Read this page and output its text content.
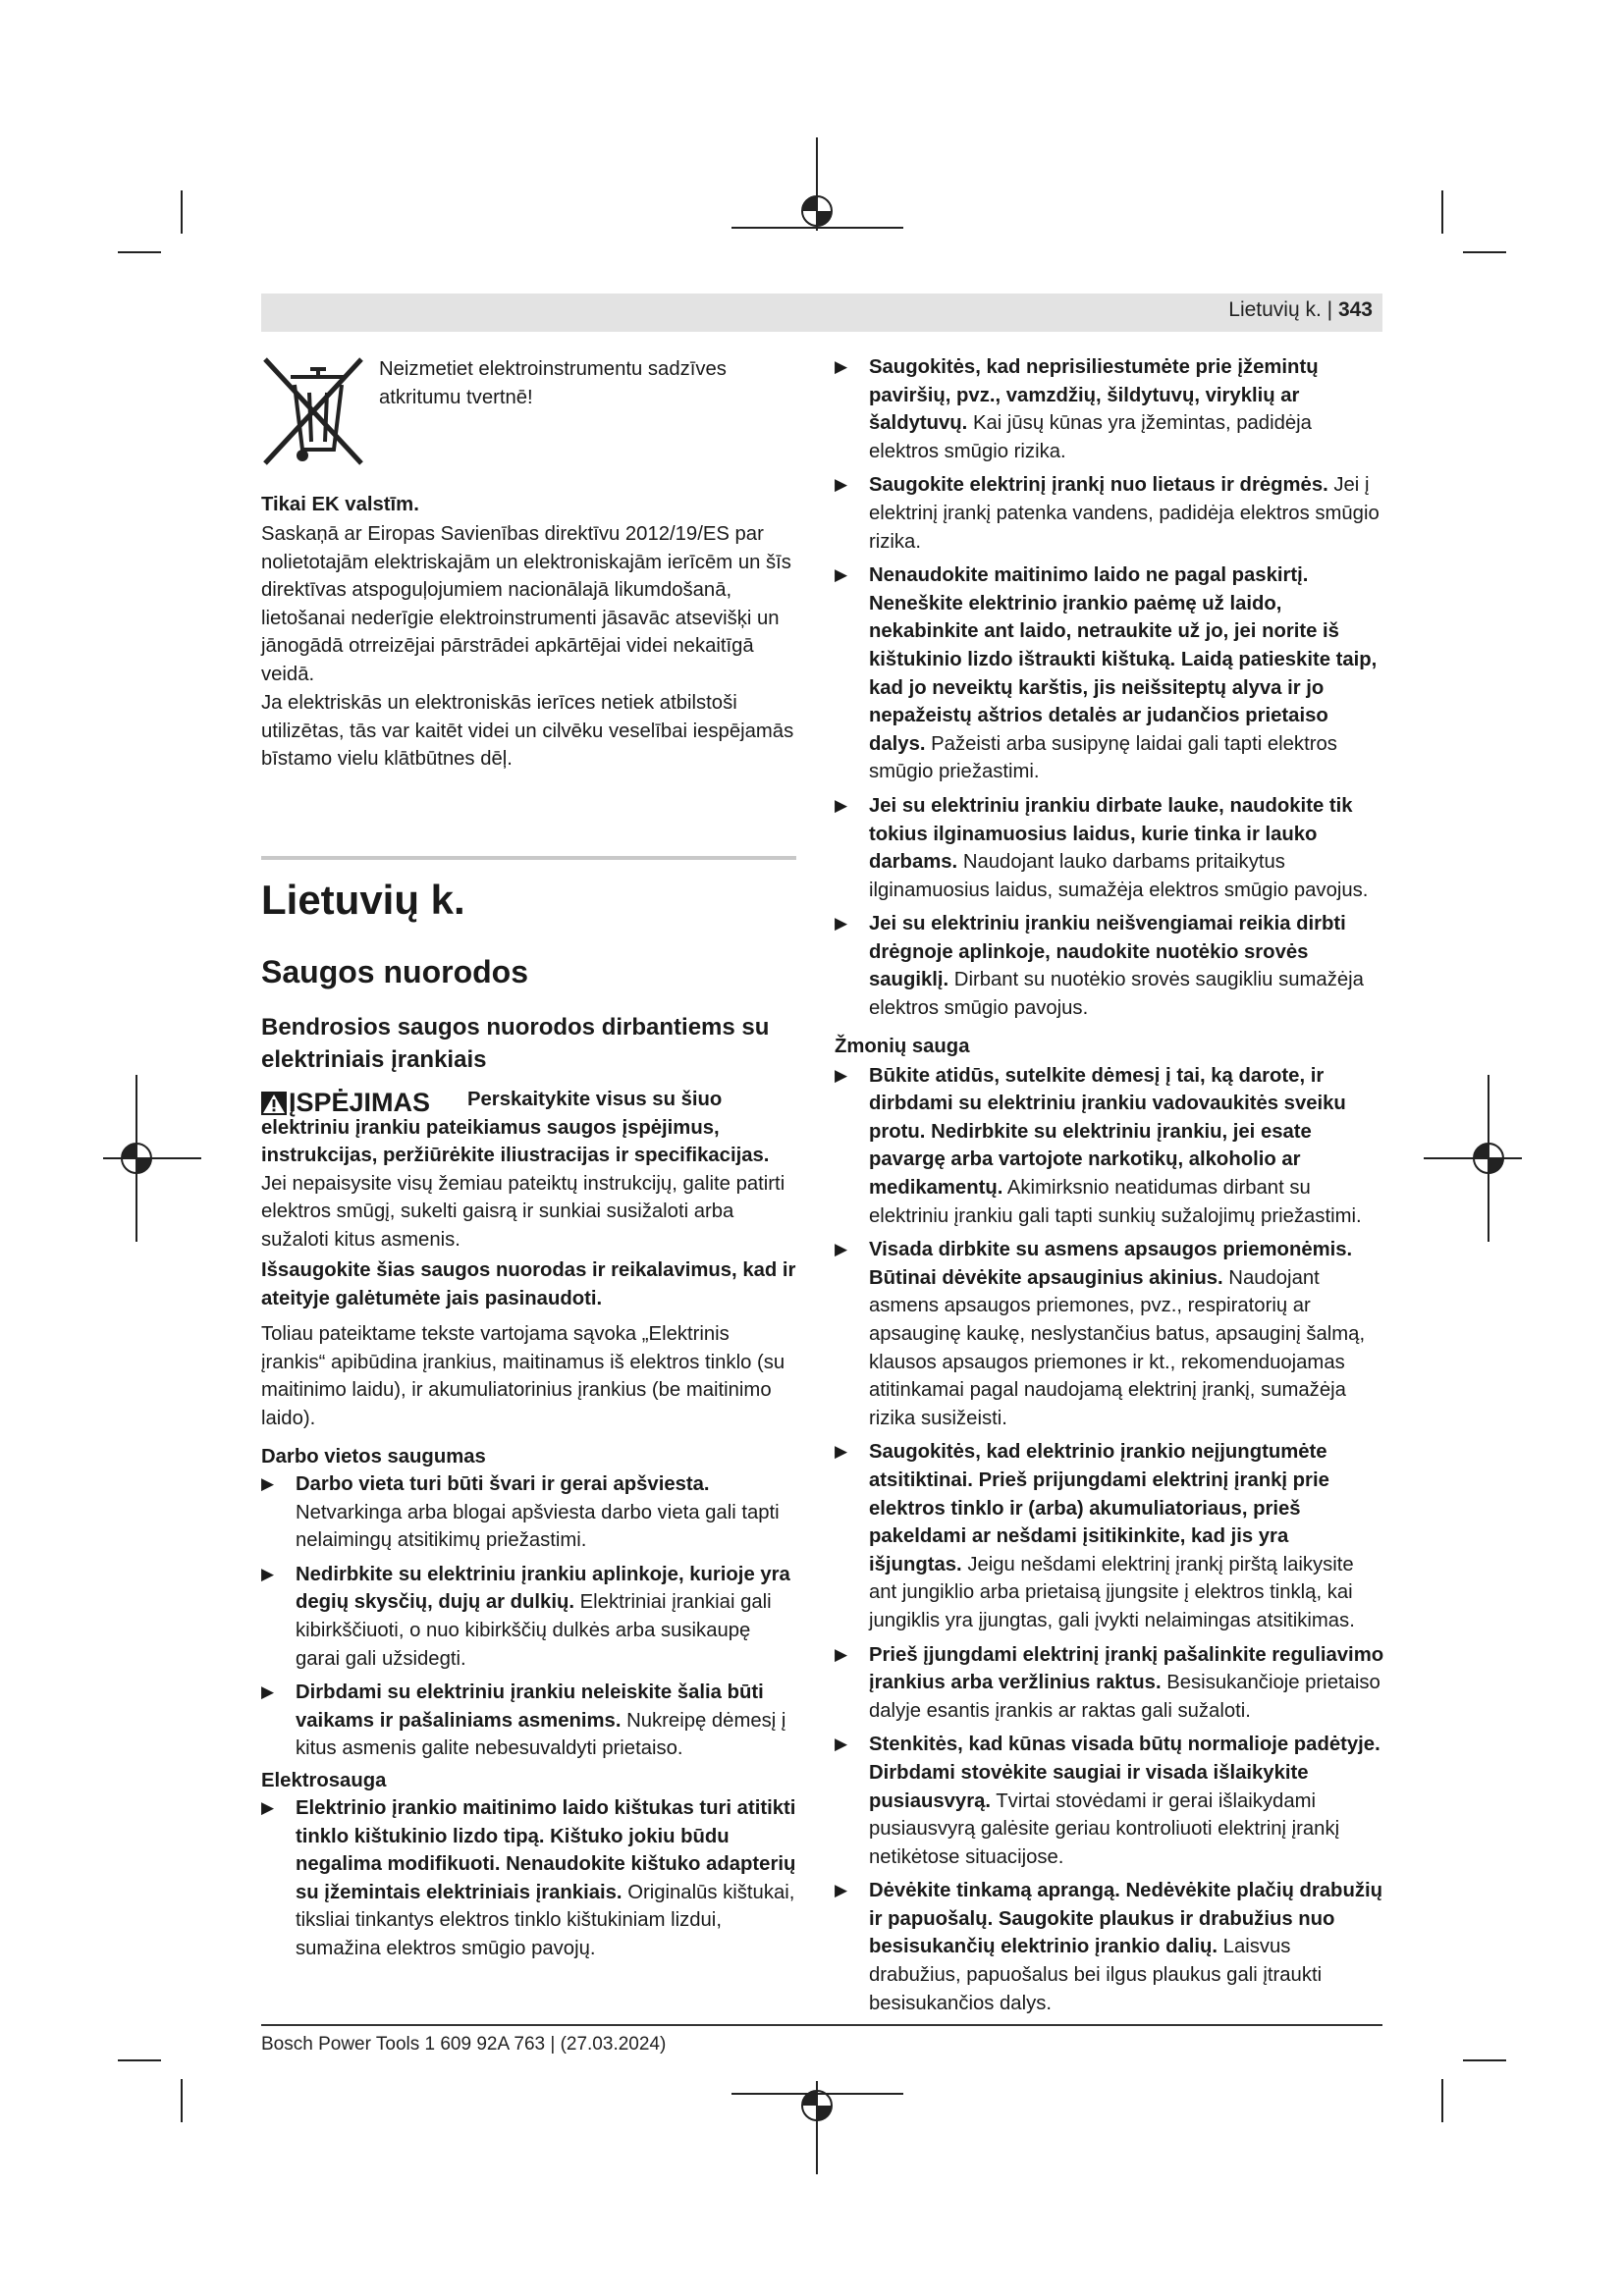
Lietuvių k. | 343

Neizmetiet elektroinstrumentu sadzīves atkritumu tvertnē!

Tikai EK valstīm.

Saskaņā ar Eiropas Savienības direktīvu 2012/19/ES par nolietotajām elektriskajām un elektroniskajām ierīcēm un šīs direktīvas atspoguļojumiem nacionālajā likumdošanā, lietošanai nederīgie elektroinstrumenti jāsavāc atsevišķi un jānogādā otrreizējai pārstrādei apkārtējai videi nekaitīgā veidā.

Ja elektriskās un elektroniskās ierīces netiek atbilstoši utilizētas, tās var kaitēt videi un cilvēku veselībai iespējamās bīstamo vielu klātbūtnes dēļ.

Lietuvių k.
Saugos nuorodos
Bendrosios saugos nuorodos dirbantiems su elektriniais įrankiais
ĮSPĖJIMAS	Perskaitykite visus su šiuo elektriniu įrankiu pateikiamus saugos įspėjimus, instrukcijas, peržiūrėkite iliustracijas ir specifikacijas. Jei nepaisysite visų žemiau pateiktų instrukcijų, galite patirti elektros smūgį, sukelti gaisrą ir sunkiai susižaloti arba sužaloti kitus asmenis.

Išsaugokite šias saugos nuorodas ir reikalavimus, kad ir ateityje galėtumėte jais pasinaudoti.

Toliau pateiktame tekste vartojama sąvoka „Elektrinis įrankis“ apibūdina įrankius, maitinamus iš elektros tinklo (su maitinimo laidu), ir akumuliatorinius įrankius (be maitinimo laido).

Darbo vietos saugumas

▶ Darbo vieta turi būti švari ir gerai apšviesta. Netvarkinga arba blogai apšviesta darbo vieta gali tapti nelaimingų atsitikimų priežastimi.

▶ Nedirbkite su elektriniu įrankiu aplinkoje, kurioje yra degių skysčių, dujų ar dulkių. Elektriniai įrankiai gali kibirkščiuoti, o nuo kibirkščių dulkės arba susikaupę garai gali užsidegti.

▶ Dirbdami su elektriniu įrankiu neleiskite šalia būti vaikams ir pašaliniams asmenims. Nukreipę dėmesį į kitus asmenis galite nebesuvaldyti prietaiso.

Elektrosauga

▶ Elektrinio įrankio maitinimo laido kištukas turi atitikti tinklo kištukinio lizdo tipą. Kištuko jokiu būdu negalima modifikuoti. Nenaudokite kištuko adapterių su įžemintais elektriniais įrankiais. Originalūs kištukai, tiksliai tinkantys elektros tinklo kištukiniam lizdui, sumažina elektros smūgio pavojų.

▶ Saugokitės, kad neprisiliestumėte prie įžemintų paviršių, pvz., vamzdžių, šildytuvų, viryklių ar šaldytuvų. Kai jūsų kūnas yra įžemintas, padidėja elektros smūgio rizika.

▶ Saugokite elektrinį įrankį nuo lietaus ir drėgmės. Jei į elektrinį įrankį patenka vandens, padidėja elektros smūgio rizika.

▶ Nenaudokite maitinimo laido ne pagal paskirtį. Neneškite elektrinio įrankio paėmę už laido, nekabinkite ant laido, netraukite už jo, jei norite iš kištukinio lizdo ištraukti kištuką. Laidą patieskite taip, kad jo neveiktų karštis, jis neišsiteptų alyva ir jo nepažeistų aštrios detalės ar judančios prietaiso dalys. Pažeisti arba susipynę laidai gali tapti elektros smūgio priežastimi.

▶ Jei su elektriniu įrankiu dirbate lauke, naudokite tik tokius ilginamuosius laidus, kurie tinka ir lauko darbams. Naudojant lauko darbams pritaikytus ilginamuosius laidus, sumažėja elektros smūgio pavojus.

▶ Jei su elektriniu įrankiu neišvengiamai reikia dirbti drėgnoje aplinkoje, naudokite nuotėkio srovės saugiklį. Dirbant su nuotėkio srovės saugikliu sumažėja elektros smūgio pavojus.

Žmonių sauga

▶ Būkite atidūs, sutelkite dėmesį į tai, ką darote, ir dirbdami su elektriniu įrankiu vadovaukitės sveiku protu. Nedirbkite su elektriniu įrankiu, jei esate pavargę arba vartojote narkotikų, alkoholio ar medikamentų. Akimirksnio neatidumas dirbant su elektriniu įrankiu gali tapti sunkių sužalojimų priežastimi.

▶ Visada dirbkite su asmens apsaugos priemonėmis. Būtinai dėvėkite apsauginius akinius. Naudojant asmens apsaugos priemones, pvz., respiratorių ar apsauginę kaukę, neslystančius batus, apsauginį šalmą, klausos apsaugos priemones ir kt., rekomenduojamas atitinkamai pagal naudojamą elektrinį įrankį, sumažėja rizika susižeisti.

▶ Saugokitės, kad elektrinio įrankio neįjungtumėte atsitiktinai. Prieš prijungdami elektrinį įrankį prie elektros tinklo ir (arba) akumuliatoriaus, prieš pakeldami ar nešdami įsitikinkite, kad jis yra išjungtas. Jeigu nešdami elektrinį įrankį pirštą laikysite ant jungiklio arba prietaisą įjungsite į elektros tinklą, kai jungiklis yra įjungtas, gali įvykti nelaimingas atsitikimas.

▶ Prieš įjungdami elektrinį įrankį pašalinkite reguliavimo įrankius arba veržlinius raktus. Besisukančioje prietaiso dalyje esantis įrankis ar raktas gali sužaloti.

▶ Stenkitės, kad kūnas visada būtų normalioje padėtyje. Dirbdami stovėkite saugiai ir visada išlaikykite pusiausvyrą. Tvirtai stovėdami ir gerai išlaikydami pusiausvyrą galėsite geriau kontroliuoti elektrinį įrankį netikėtose situacijose.

▶ Dėvėkite tinkamą aprangą. Nedėvėkite plačių drabužių ir papuošalų. Saugokite plaukus ir drabužius nuo besisukančių elektrinio įrankio dalių. Laisvus drabužius, papuošalus bei ilgus plaukus gali įtraukti besisukančios dalys.

Bosch Power Tools 1 609 92A 763 | (27.03.2024)
